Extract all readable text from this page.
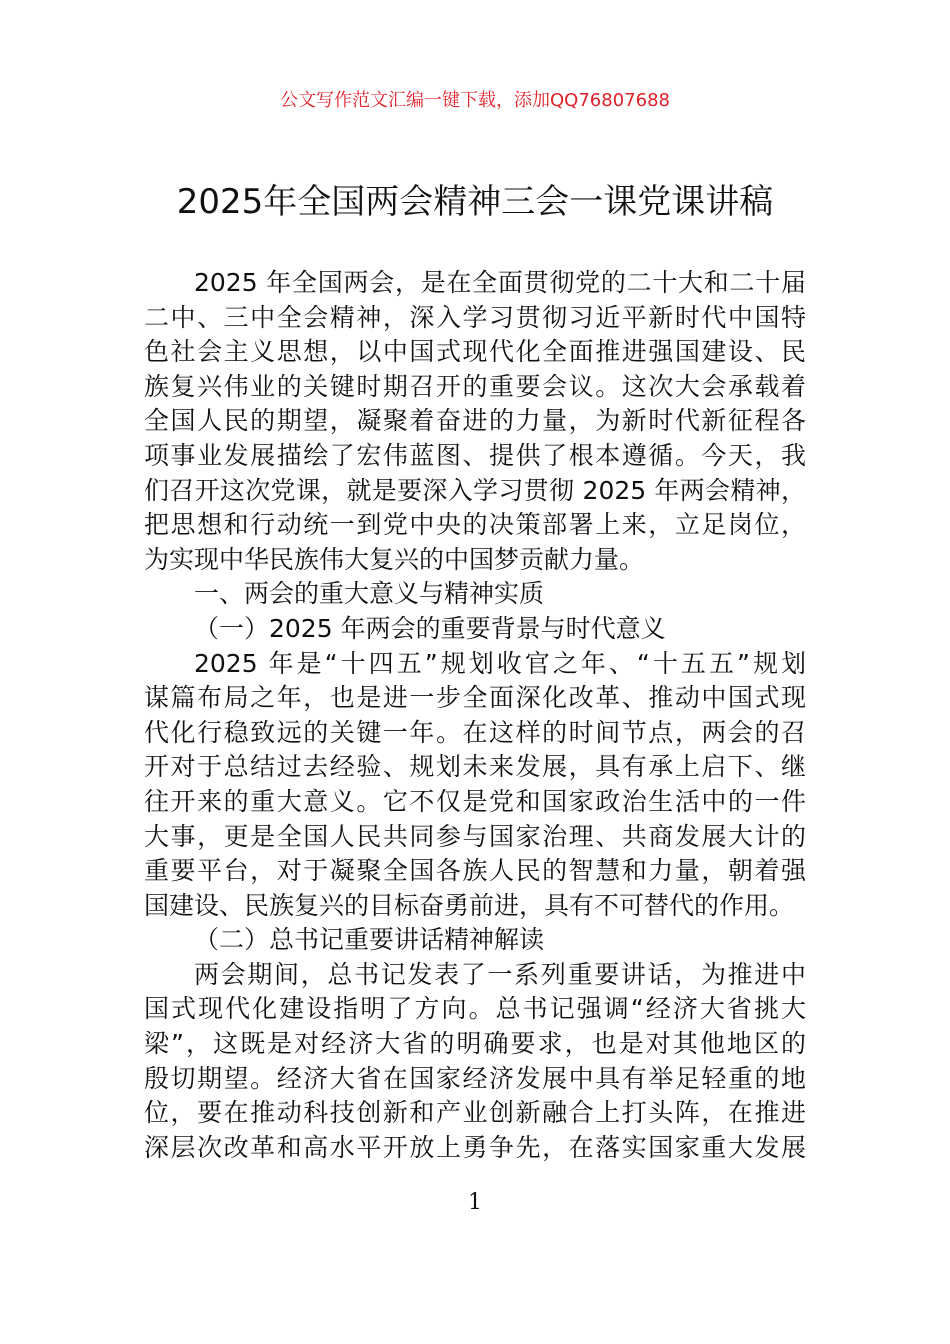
公文写作范文汇编一键下载，添加QQ76807688
2025年全国两会精神三会一课党课讲稿
2025 年全国两会，是在全面贯彻党的二十大和二十届
二中、三中全会精神，深入学习贯彻习近平新时代中国特
色社会主义思想，以中国式现代化全面推进强国建设、民
族复兴伟业的关键时期召开的重要会议。这次大会承载着
全国人民的期望，凝聚着奋进的力量，为新时代新征程各
项事业发展描绘了宏伟蓝图、提供了根本遵循。今天，我
们召开这次党课，就是要深入学习贯彻 2025 年两会精神，
把思想和行动统一到党中央的决策部署上来，立足岗位，
为实现中华民族伟大复兴的中国梦贡献力量。
一、两会的重大意义与精神实质
（一）2025 年两会的重要背景与时代意义
2025 年是“十四五”规划收官之年、“十五五”规划
谋篇布局之年，也是进一步全面深化改革、推动中国式现
代化行稳致远的关键一年。在这样的时间节点，两会的召
开对于总结过去经验、规划未来发展，具有承上启下、继
往开来的重大意义。它不仅是党和国家政治生活中的一件
大事，更是全国人民共同参与国家治理、共商发展大计的
重要平台，对于凝聚全国各族人民的智慧和力量，朝着强
国建设、民族复兴的目标奋勇前进，具有不可替代的作用。
（二）总书记重要讲话精神解读
两会期间，总书记发表了一系列重要讲话，为推进中
国式现代化建设指明了方向。总书记强调“经济大省挑大
梁”，这既是对经济大省的明确要求，也是对其他地区的
殷切期望。经济大省在国家经济发展中具有举足轻重的地
位，要在推动科技创新和产业创新融合上打头阵，在推进
深层次改革和高水平开放上勇争先，在落实国家重大发展
1
